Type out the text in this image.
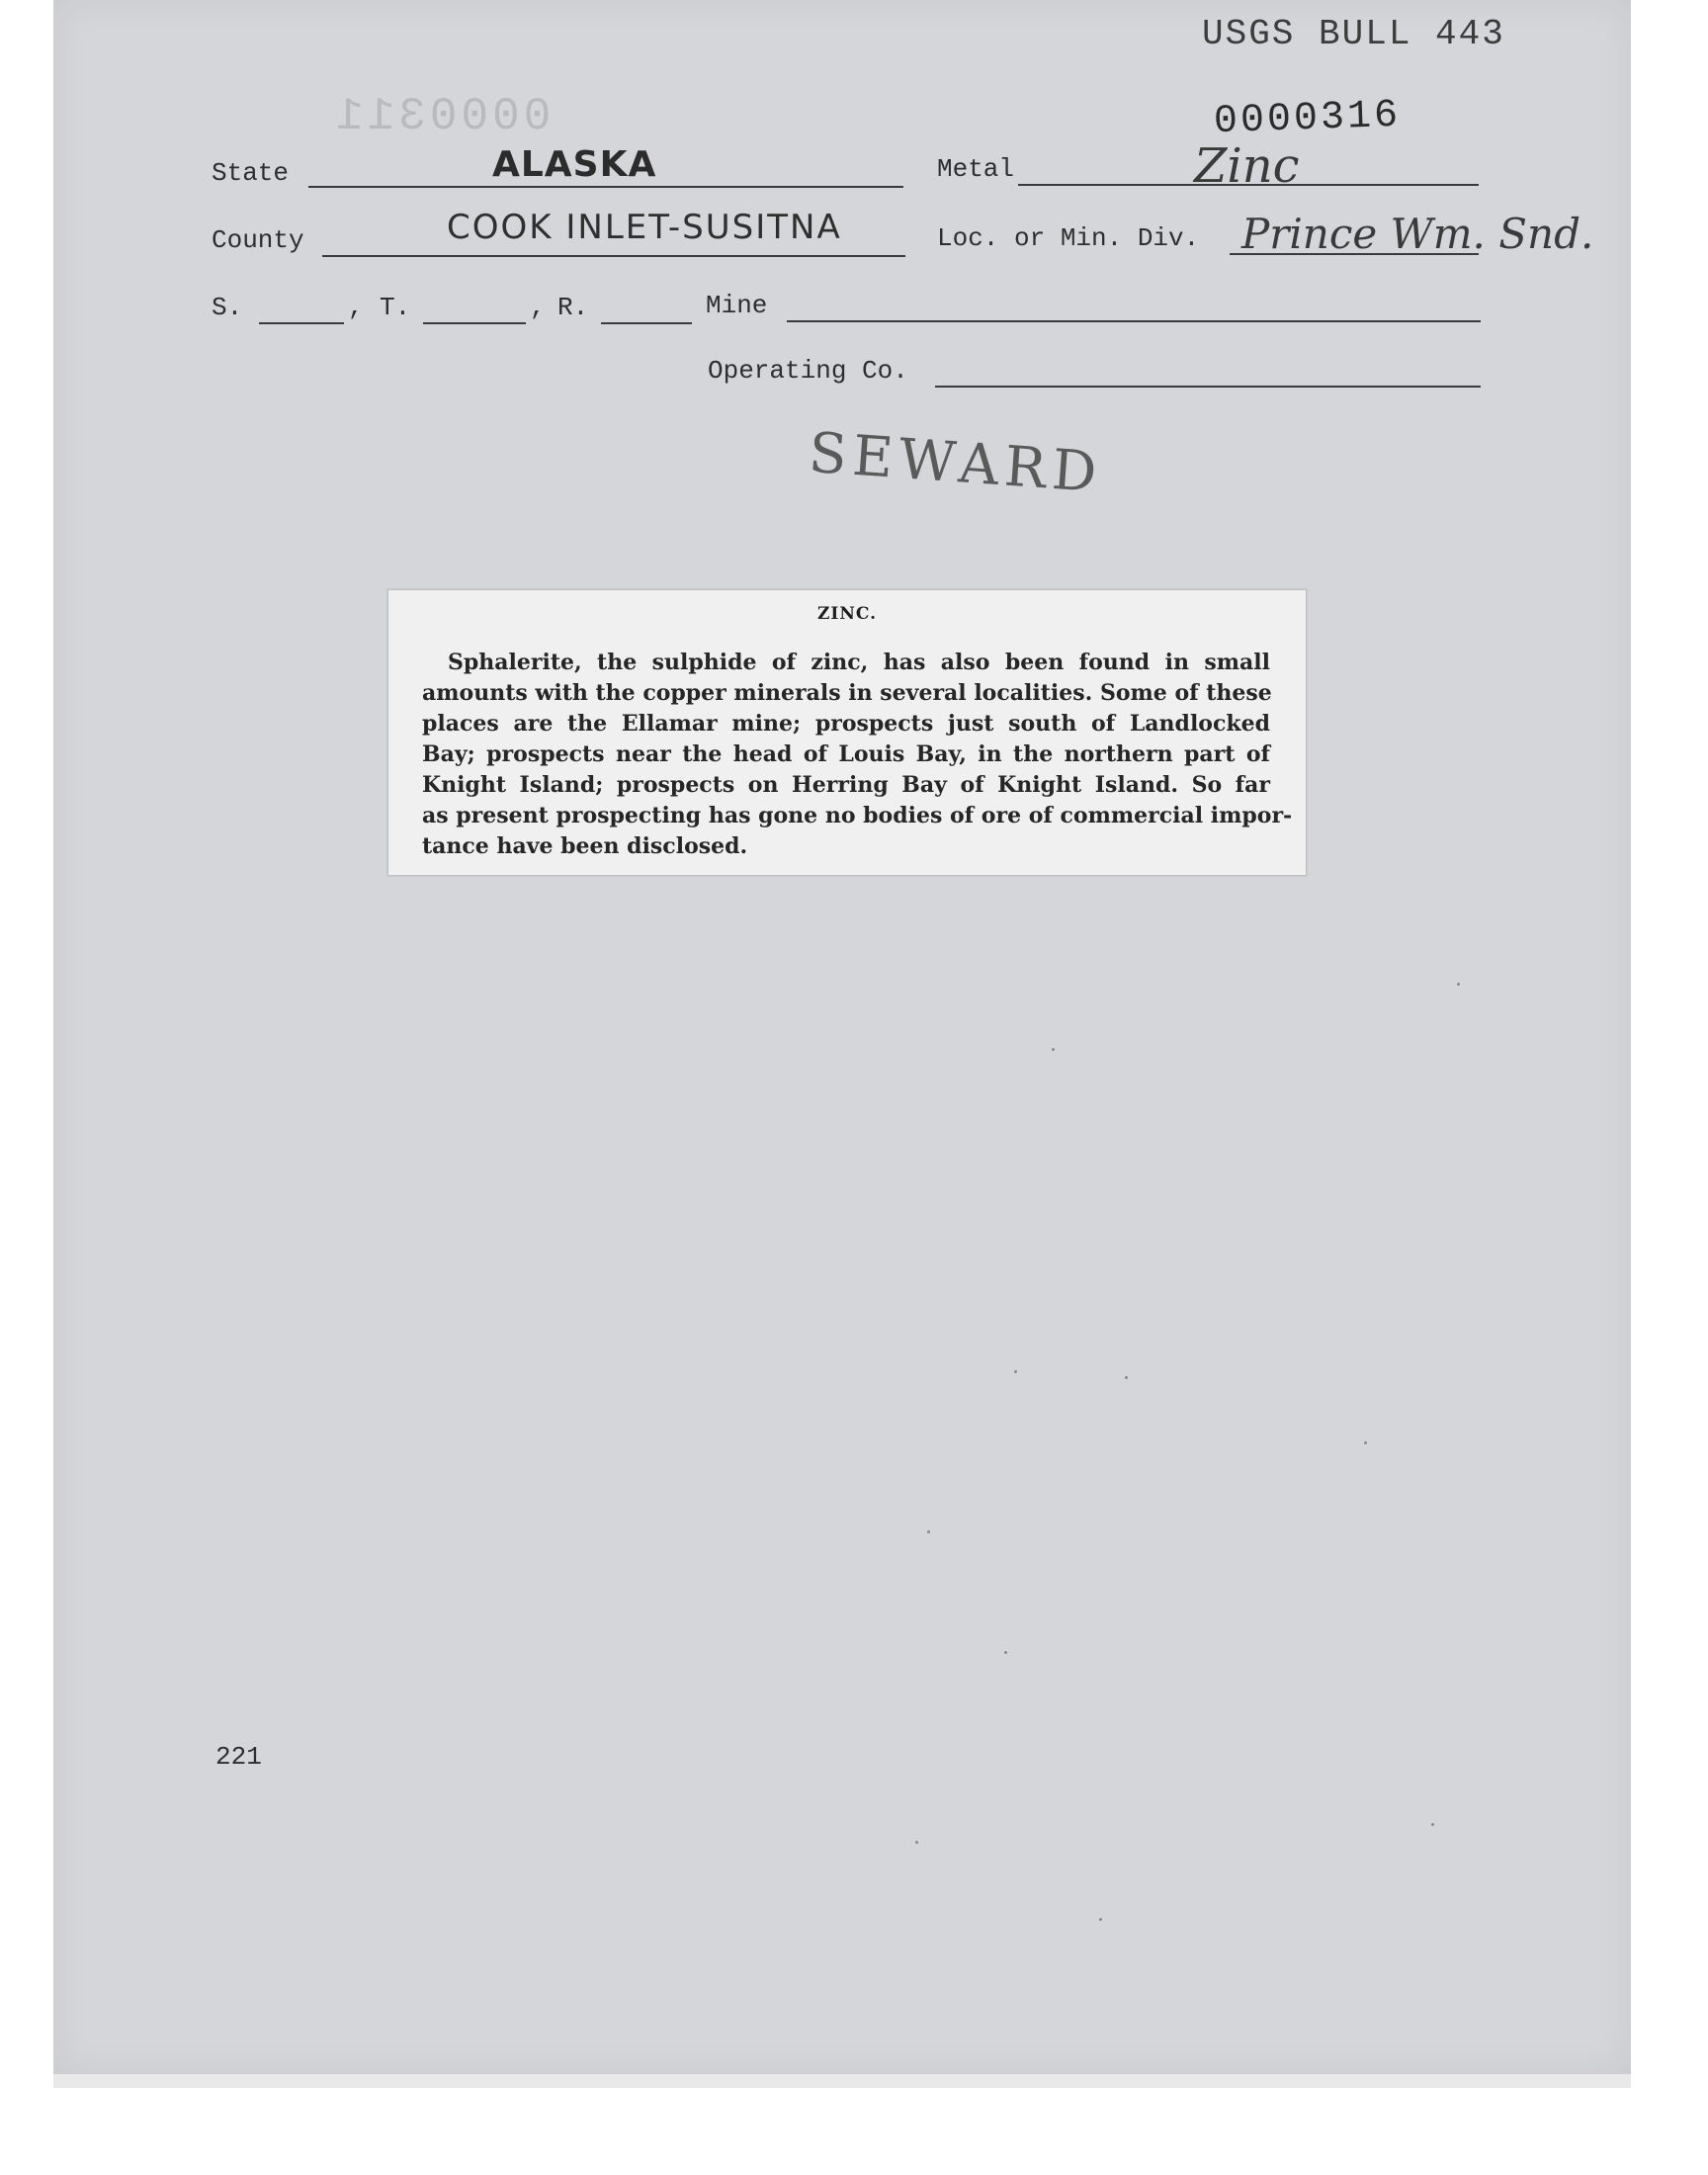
USGS BULL 443
0000311	0000316
State	ALASKA	Metal	Zinc
County	COOK INLET-SUSITNA	Loc. or Min. Div. Prince Wm. Snd.
S.	, T.	, R.	Mine
Operating Co.
SEWARD
ZINC.
Sphalerite, the sulphide of zinc, has also been found in small
amounts with the copper minerals in several localities. Some of these
places are the Ellamar mine; prospects just south of Landlocked
Bay; prospects near the head of Louis Bay, in the northern part of
Knight Island; prospects on Herring Bay of Knight Island. So far
as present prospecting has gone no bodies of ore of commercial impor-
tance have been disclosed.
221
